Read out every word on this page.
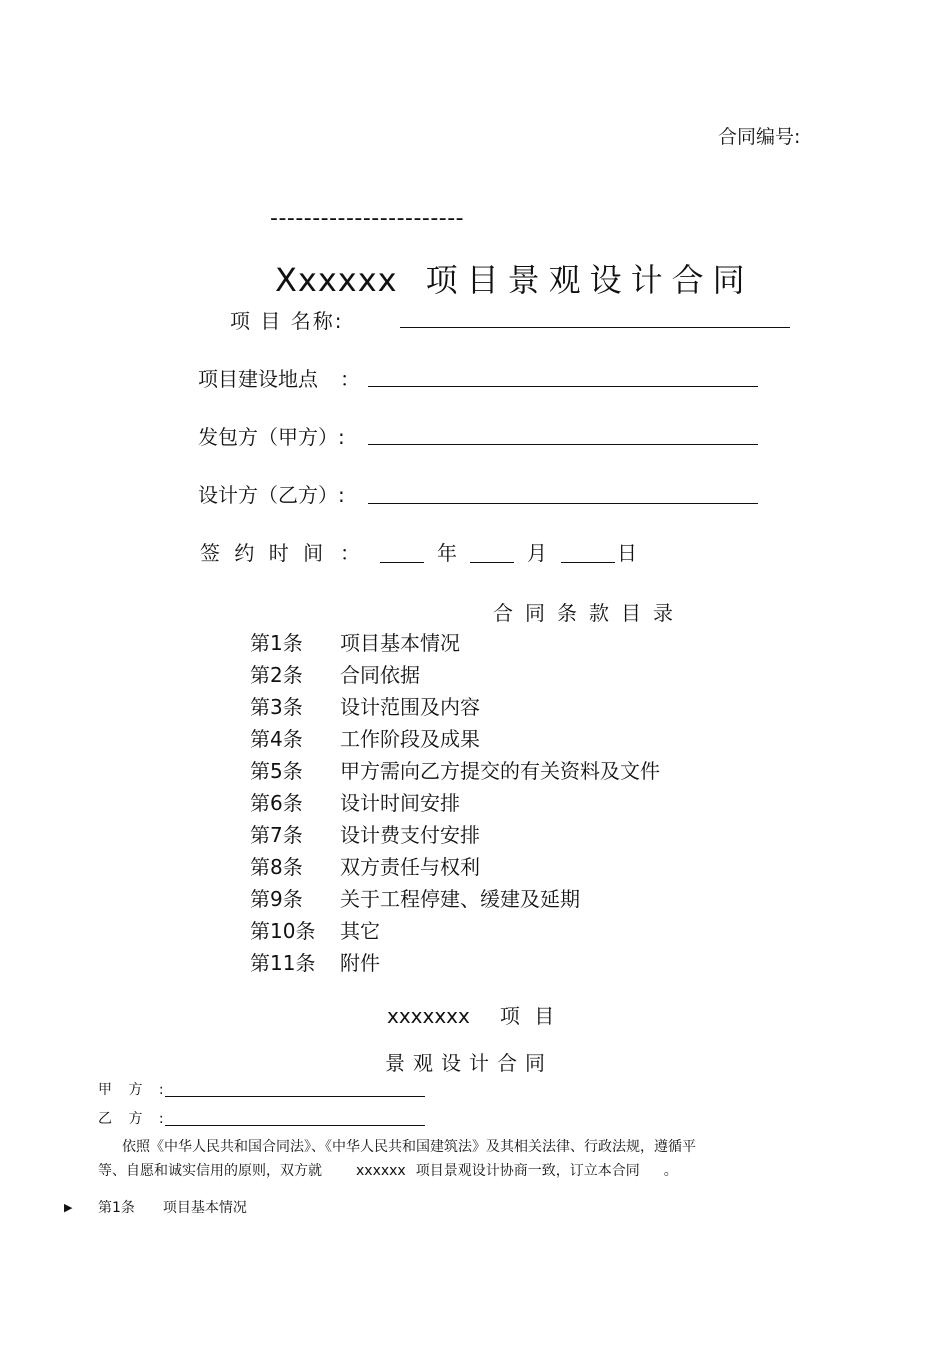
合同编号:
-----------------------
Xxxxxx 项目景观设计合同
项 目 名称:
项目建设地点 ：
发包方（甲方）:
设计方（乙方）:
签 约 时 间 ：	年	月	日
合同条款目录
第1条	项目基本情况
第2条	合同依据
第3条	设计范围及内容
第4条	工作阶段及成果
第5条	甲方需向乙方提交的有关资料及文件
第6条	设计时间安排
第7条	设计费支付安排
第8条	双方责任与权利
第9条	关于工程停建、缓建及延期
第10条	其它
第11条	附件
xxxxxxx 项 目
景观设计合同
甲 方 :
乙 方 :
依照《中华人民共和国合同法》、《中华人民共和国建筑法》及其相关法律、行政法规，遵循平
等、自愿和诚实信用的原则，双方就 xxxxxx 项目景观设计协商一致，订立本合同 。
▶ 第1条 项目基本情况
